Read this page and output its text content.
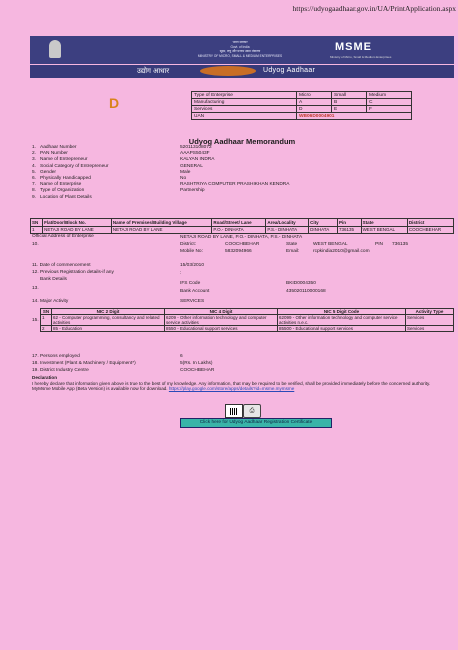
https://udyogaadhaar.gov.in/UA/PrintApplication.aspx
भारत सरकार
Govt. of India
सूक्ष्म, लघु और मध्यम उद्यम मंत्रालय
MINISTRY OF MICRO, SMALL & MEDIUM ENTERPRISES
MSME
Ministry of Micro, Small & Medium Enterprises
उद्योग आधार	Udyog Aadhaar
D	Type of Enterprise	Micro	Small	Medium
Manufacturing	A	B	C
Services	D	E	F
UAN	WB06D0004901		
Udyog Aadhaar Memorandum
1. Aadhaar Number	520113108072
2. PAN Number	AAAPS5043F
3. Name of Entrepreneur	KALYAN INDRA
4. Social Category of Entrepreneur	GENERAL
5. Gender	Male
6. Physically Handicapped	No
7. Name of Enterprise	RASHTRIYA COMPUTER PRASHIKHAN KENDRA
8. Type of Organization	Partnership
9. Location of Plant Details
SN	Flat/Door/Block No.	Name of Premises/Building Village	Road/Street/ Lane	Area/Locality	City	Pin	State	District
1	NETAJI ROAD BY LANE	NETAJI ROAD BY LANE	P.O.- DINHATA	P.S.- DINHATA	DINHATA	736135	WEST BENGAL	COOCHBEHAR
Official Address of Enterprise	NETAJI ROAD BY LANE, P.O.- DINHATA, P.S.- DINHATA
10.	District:	COOCHBEHAR	State	WEST BENGAL	PIN 736135
Mobile No:	5832094966	Email:	rcpkindia2010@gmail.com
11. Date of commencement	15/03/2010
12. Previous Registration details-if any	:
Bank Details
13.
IFS Code	BKID0004350
Bank Account	435020110000168
14. Major Activity	SERVICES
15.
SN	NIC 2 Digit	NIC 4 Digit	NIC 5 Digit Code	Activity Type
1	62 - Computer programming, consultancy and related activities	6209 - Other information technology and computer service activities	62099 - Other information technology and computer service activities n.e.c.	Services
2	85 - Education	8550 - Educational support services	85500 - Educational support services	Services
17. Persons employed	6
18. Investment (Plant & Machinery / Equipment*)	5(Rs. In Lakhs)
19. District Industry Centre	COOCHBEHAR
Declaration
I hereby declare that information given above is true to the best of my knowledge. Any information, that may be required to be verified, shall be provided immediately before the concerned authority.
MyMsme Mobile App (Beta Version) is available now for download. https://play.google.com/store/apps/details?id=msme.mymsme
⎙
Click here for Udyog Aadhaar Registration Certificate
